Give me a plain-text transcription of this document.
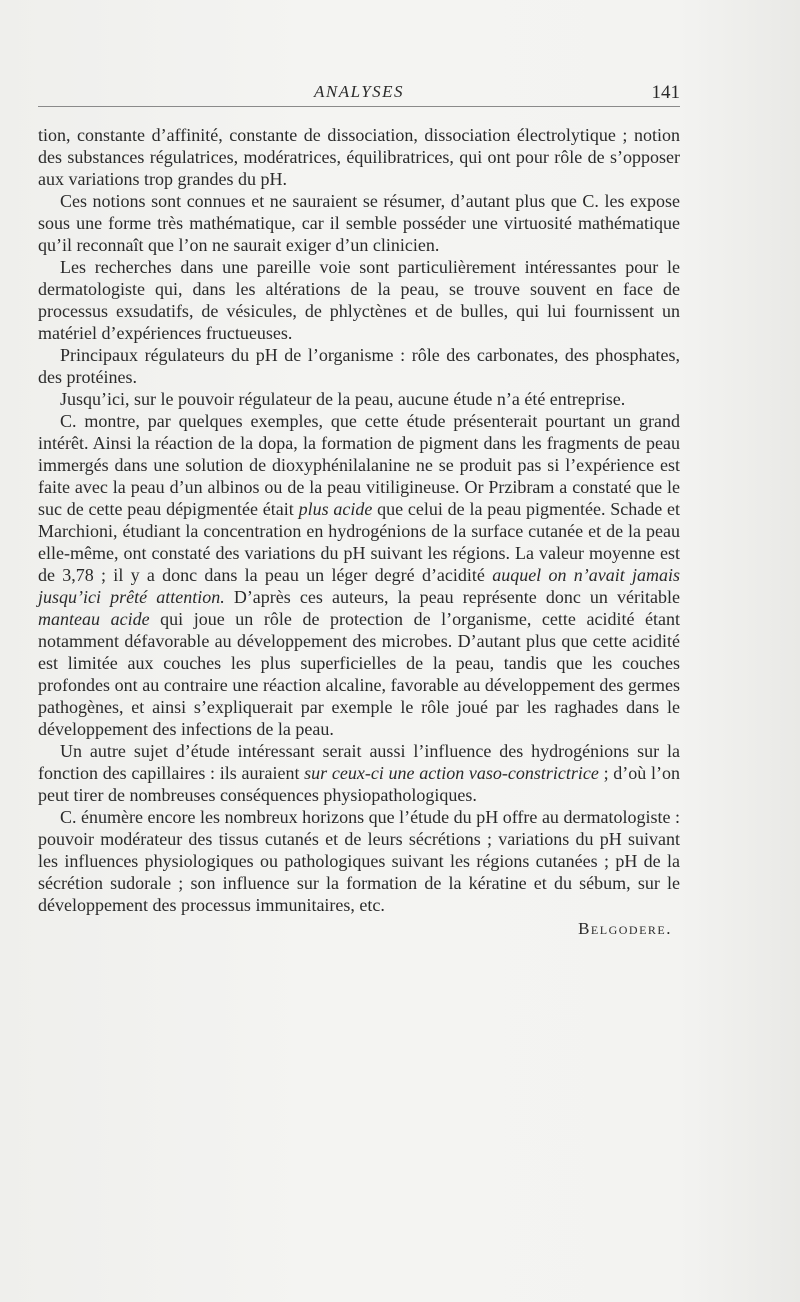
ANALYSES	141

tion, constante d’affinité, constante de dissociation, dissociation électrolytique ; notion des substances régulatrices, modératrices, équilibratrices, qui ont pour rôle de s’opposer aux variations trop grandes du pH.

Ces notions sont connues et ne sauraient se résumer, d’autant plus que C. les expose sous une forme très mathématique, car il semble posséder une virtuosité mathématique qu’il reconnaît que l’on ne saurait exiger d’un clinicien.

Les recherches dans une pareille voie sont particulièrement intéressantes pour le dermatologiste qui, dans les altérations de la peau, se trouve souvent en face de processus exsudatifs, de vésicules, de phlyctènes et de bulles, qui lui fournissent un matériel d’expériences fructueuses.

Principaux régulateurs du pH de l’organisme : rôle des carbonates, des phosphates, des protéines.

Jusqu’ici, sur le pouvoir régulateur de la peau, aucune étude n’a été entreprise.

C. montre, par quelques exemples, que cette étude présenterait pourtant un grand intérêt. Ainsi la réaction de la dopa, la formation de pigment dans les fragments de peau immergés dans une solution de dioxyphénilalanine ne se produit pas si l’expérience est faite avec la peau d’un albinos ou de la peau vitiligineuse. Or Przibram a constaté que le suc de cette peau dépigmentée était plus acide que celui de la peau pigmentée. Schade et Marchioni, étudiant la concentration en hydrogénions de la surface cutanée et de la peau elle-même, ont constaté des variations du pH suivant les régions. La valeur moyenne est de 3,78 ; il y a donc dans la peau un léger degré d’acidité auquel on n’avait jamais jusqu’ici prêté attention. D’après ces auteurs, la peau représente donc un véritable manteau acide qui joue un rôle de protection de l’organisme, cette acidité étant notamment défavorable au développement des microbes. D’autant plus que cette acidité est limitée aux couches les plus superficielles de la peau, tandis que les couches profondes ont au contraire une réaction alcaline, favorable au développement des germes pathogènes, et ainsi s’expliquerait par exemple le rôle joué par les raghades dans le développement des infections de la peau.

Un autre sujet d’étude intéressant serait aussi l’influence des hydrogénions sur la fonction des capillaires : ils auraient sur ceux-ci une action vaso-constrictrice ; d’où l’on peut tirer de nombreuses conséquences physiopathologiques.

C. énumère encore les nombreux horizons que l’étude du pH offre au dermatologiste : pouvoir modérateur des tissus cutanés et de leurs sécrétions ; variations du pH suivant les influences physiologiques ou pathologiques suivant les régions cutanées ; pH de la sécrétion sudorale ; son influence sur la formation de la kératine et du sébum, sur le développement des processus immunitaires, etc.

Belgodere.
